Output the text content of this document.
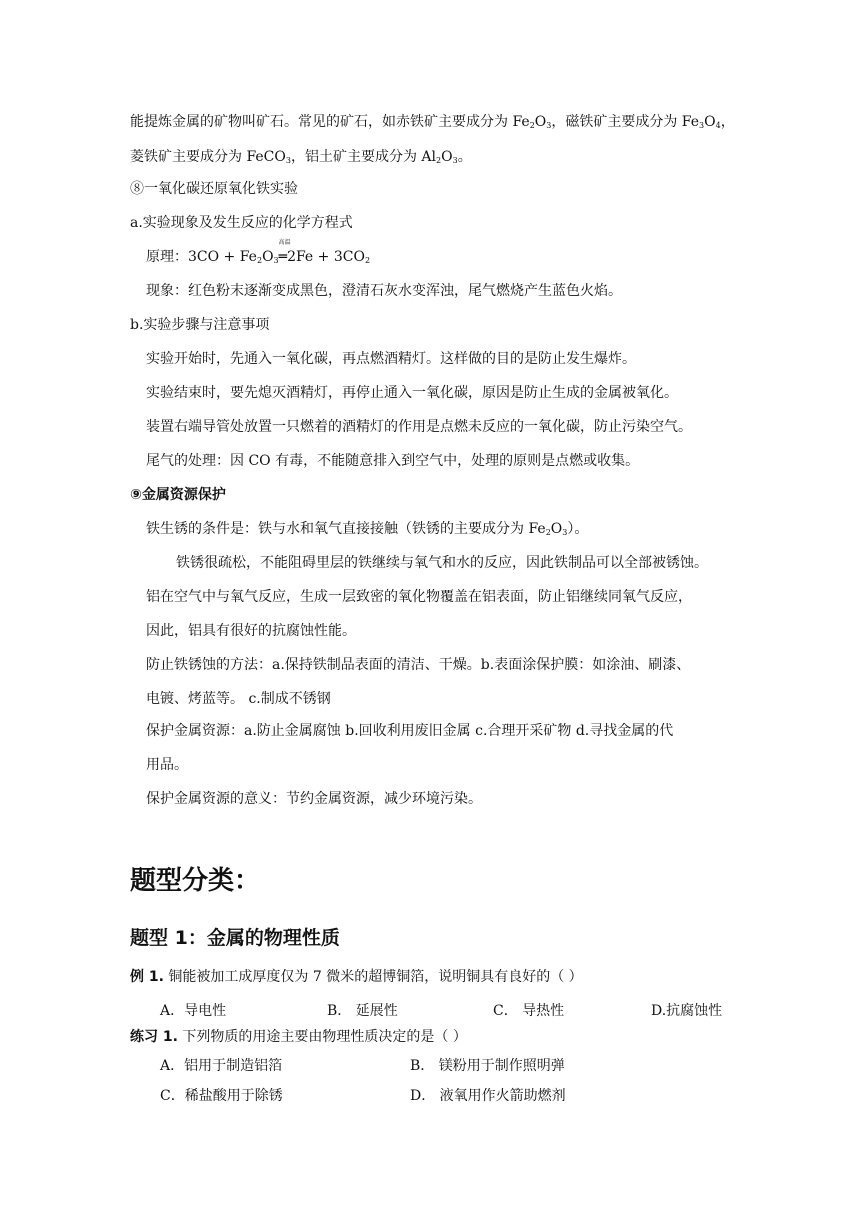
能提炼金属的矿物叫矿石。常见的矿石，如赤铁矿主要成分为 $Fe_2O_3$，磁铁矿主要成分为 $Fe_3O_4$，
菱铁矿主要成分为 FeCO$_3$，铝土矿主要成分为 $Al_2O_3$。
⑧一氧化碳还原氧化铁实验
a.实验现象及发生反应的化学方程式
原理：$3CO + Fe_2O_3$
高温
═2Fe + $3CO_2$
现象：红色粉末逐渐变成黑色，澄清石灰水变浑浊，尾气燃烧产生蓝色火焰。
b.实验步骤与注意事项
实验开始时，先通入一氧化碳，再点燃酒精灯。这样做的目的是防止发生爆炸。
实验结束时，要先熄灭酒精灯，再停止通入一氧化碳，原因是防止生成的金属被氧化。
装置右端导管处放置一只燃着的酒精灯的作用是点燃未反应的一氧化碳，防止污染空气。
尾气的处理：因 CO 有毒，不能随意排入到空气中，处理的原则是点燃或收集。
⑨金属资源保护
铁生锈的条件是：铁与水和氧气直接接触（铁锈的主要成分为 $Fe_2O_3$）。
铁锈很疏松，不能阻碍里层的铁继续与氧气和水的反应，因此铁制品可以全部被锈蚀。
铝在空气中与氧气反应，生成一层致密的氧化物覆盖在铝表面，防止铝继续同氧气反应，
因此，铝具有很好的抗腐蚀性能。
防止铁锈蚀的方法：a.保持铁制品表面的清洁、干燥。b.表面涂保护膜：如涂油、刷漆、
电镀、烤蓝等。 c.制成不锈钢
保护金属资源：a.防止金属腐蚀 b.回收利用废旧金属 c.合理开采矿物 d.寻找金属的代
用品。
保护金属资源的意义：节约金属资源，减少环境污染。
题型分类：
题型 1：金属的物理性质
例 1. 铜能被加工成厚度仅为 7 微米的超博铜箔，说明铜具有良好的（ ）
A．导电性	B． 延展性	C． 导热性	D.抗腐蚀性
练习 1. 下列物质的用途主要由物理性质决定的是（ ）
A．铝用于制造铝箔	B． 镁粉用于制作照明弹
C．稀盐酸用于除锈	D． 液氧用作火箭助燃剂
